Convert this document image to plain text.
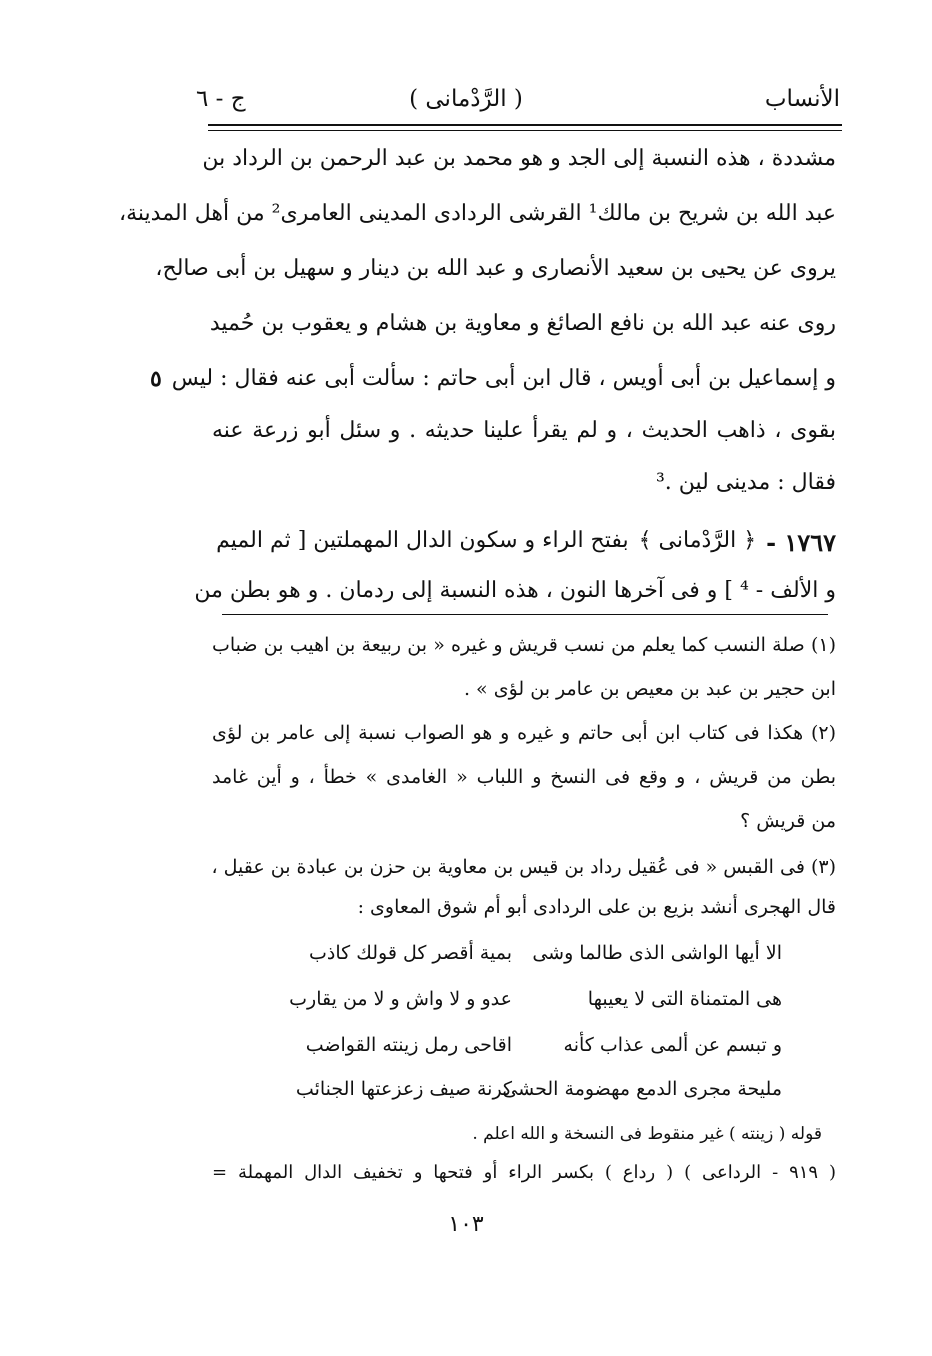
الأنساب
( الرَّدْمانى )
ج - ٦
مشددة ، هذه النسبة إلى الجد و هو محمد بن عبد الرحمن بن الرداد بن
عبد الله بن شريح بن مالك¹ القرشى الردادى المدينى العامرى² من أهل المدينة،
يروى عن يحيى بن سعيد الأنصارى و عبد الله بن دينار و سهيل بن أبى صالح،
روى عنه عبد الله بن نافع الصائغ و معاوية بن هشام و يعقوب بن حُميد
و إسماعيل بن أبى أويس ، قال ابن أبى حاتم : سألت أبى عنه فقال : ليس
بقوى ، ذاهب الحديث ، و لم يقرأ علينا حديثه . و سئل أبو زرعة عنه
فقال : مدينى لين .³
٥
١٧٦٧ -
﴿ الرَّدْمانى ﴾
بفتح الراء و سكون الدال المهملتين [ ثم الميم
و الألف - ⁴ ] و فى آخرها النون ، هذه النسبة إلى ردمان . و هو بطن من
(١) صلة النسب كما يعلم من نسب قريش و غيره « بن ربيعة بن اهيب بن ضباب
ابن حجير بن عبد بن معيص بن عامر بن لؤى » .
(٢) هكذا فى كتاب ابن أبى حاتم و غيره و هو الصواب نسبة إلى عامر بن لؤى
بطن من قريش ، و وقع فى النسخ و اللباب « الغامدى » خطأ ، و أين غامد
من قريش ؟
(٣) فى القبس « فى عُقيل رداد بن قيس بن معاوية بن حزن بن عبادة بن عقيل ،
قال الهجرى أنشد بزيع بن على الردادى أبو أم شوق المعاوى :
الا أيها الواشى الذى طالما وشى
بمية أقصر كل قولك كاذب
هى المتمناة التى لا يعيبها
عدو و لا واش و لا من يقارب
و تبسم عن ألمى عذاب كأنه
اقاحى رمل زينته القواضب
مليحة مجرى الدمع مهضومة الحشى
كرنة صيف زعزعتها الجنائب
قوله ( زينته ) غير منقوط فى النسخة و الله اعلم .
( ٩١٩ - الرداعى ) ( رداع ) بكسر الراء أو فتحها و تخفيف الدال المهملة =
١٠٣
